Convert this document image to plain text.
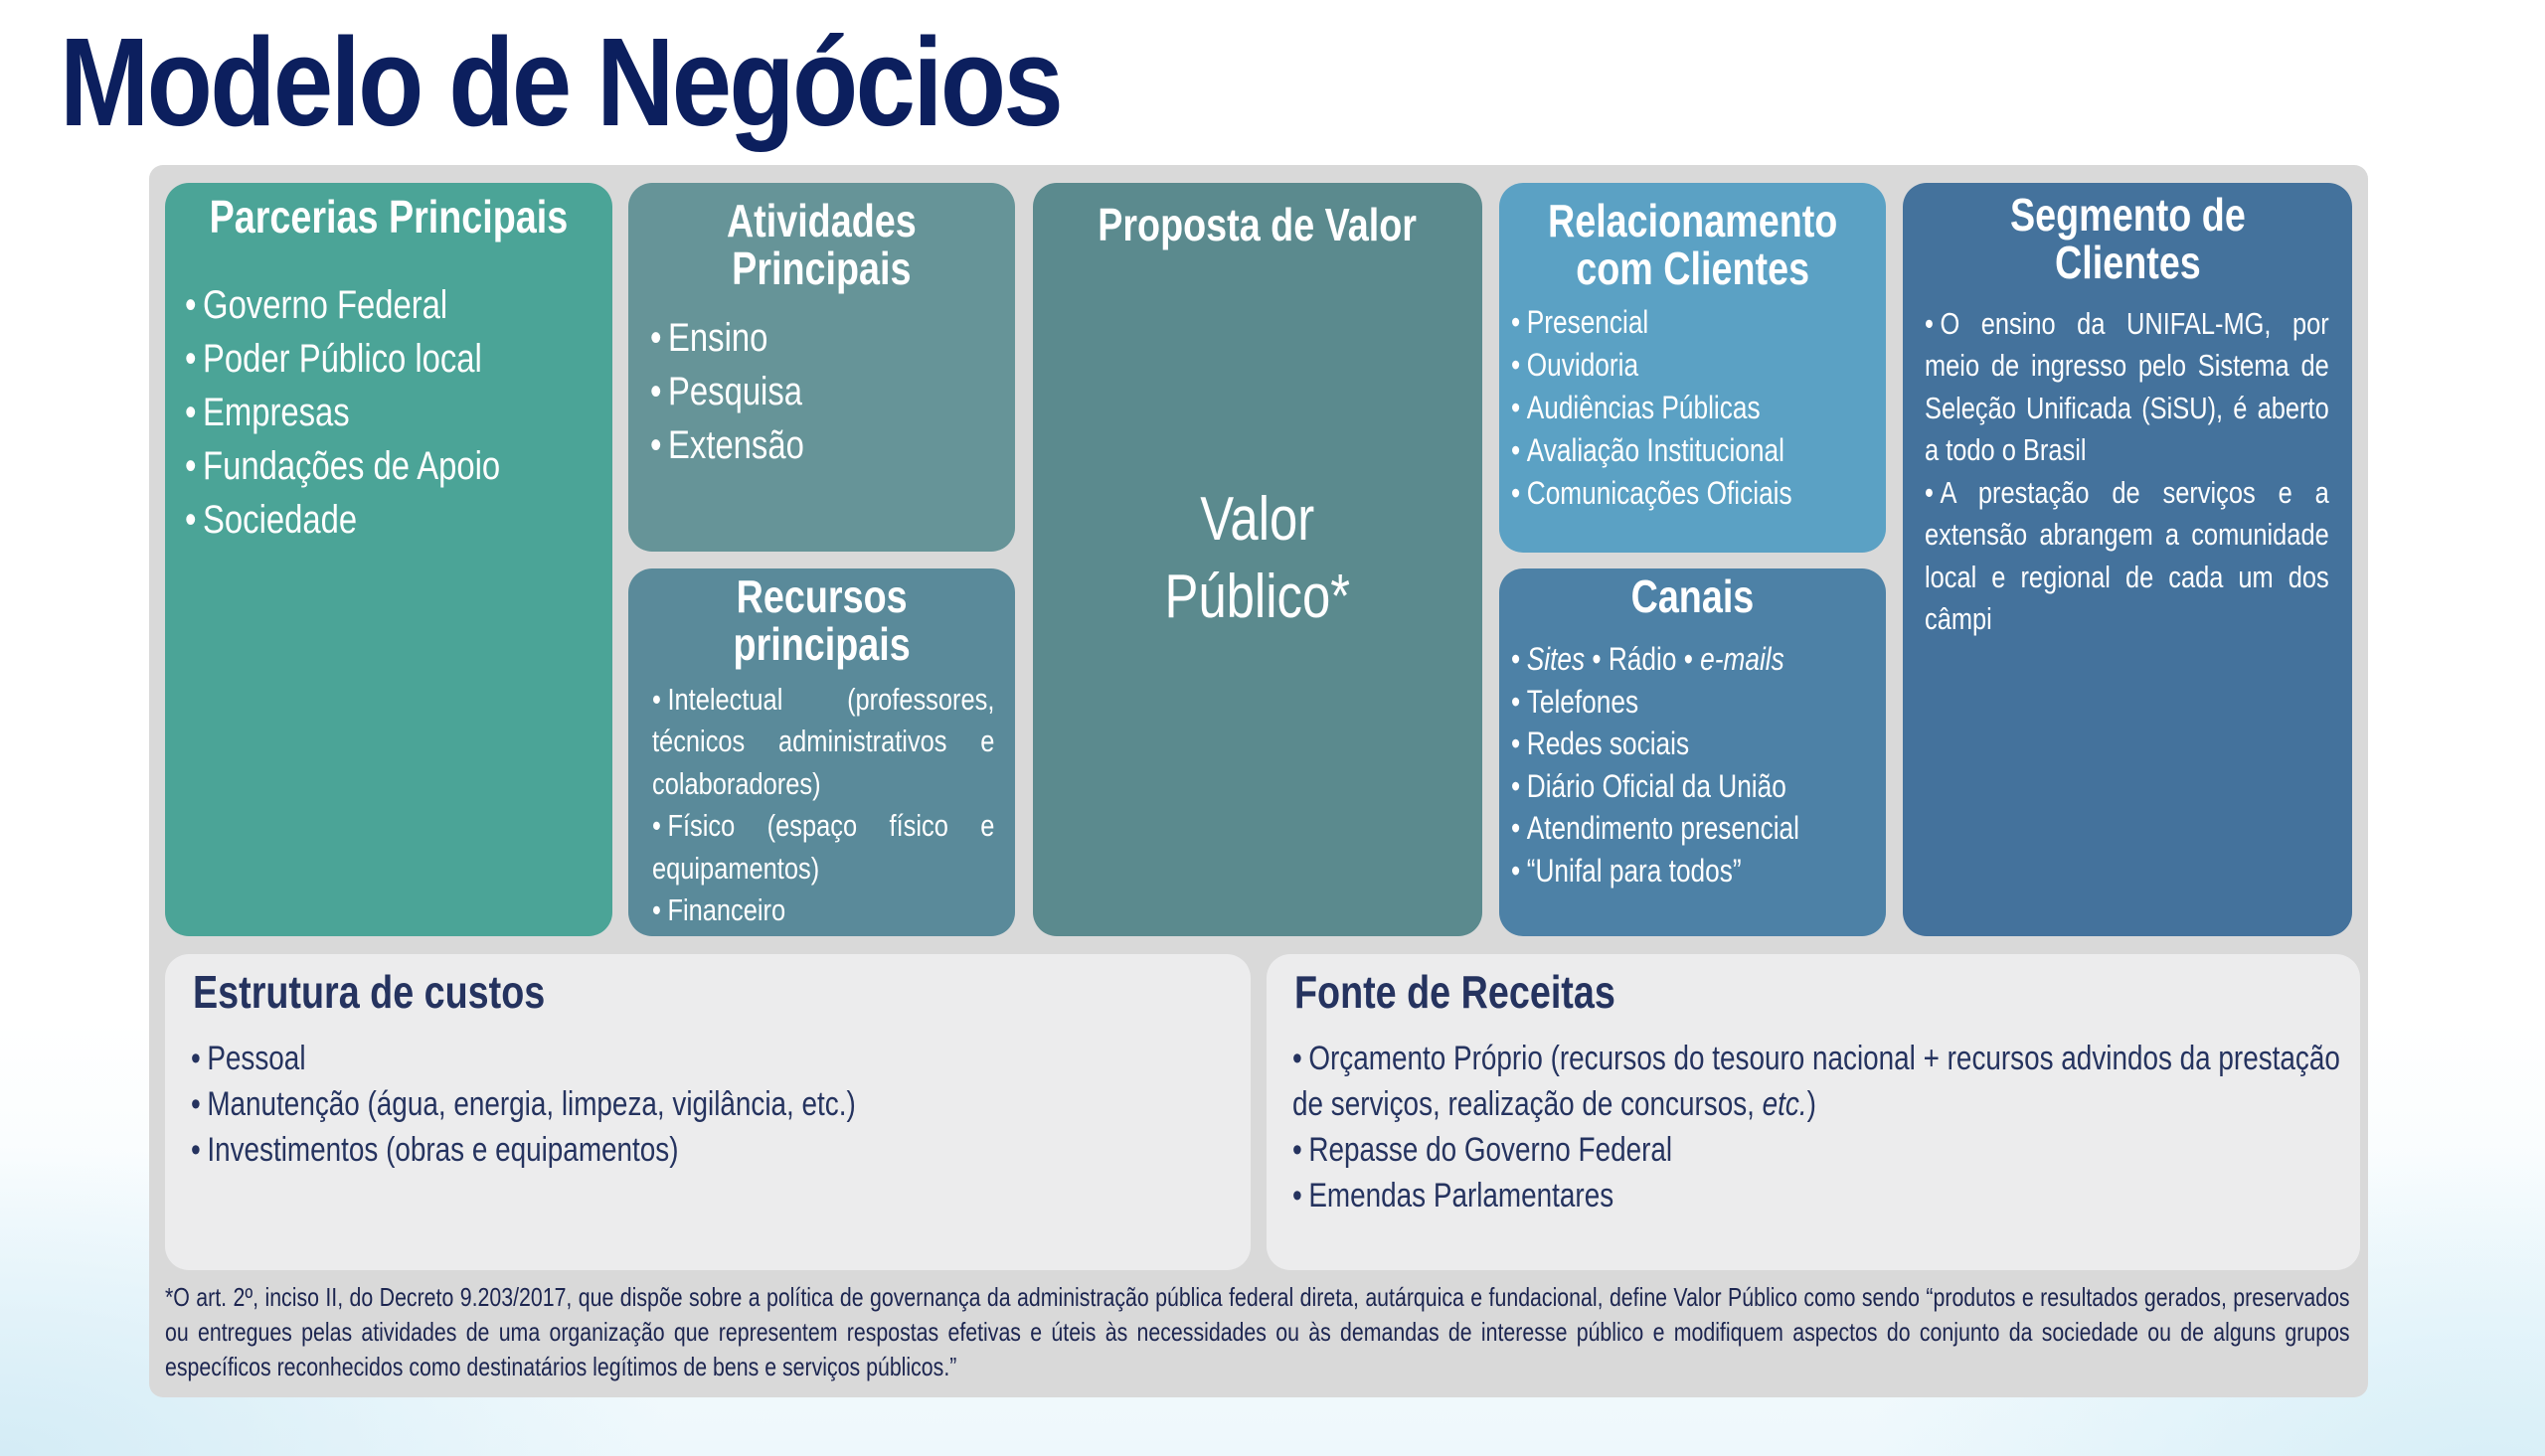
Modelo de Negócios
Parcerias Principais
• Governo Federal
• Poder Público local
• Empresas
• Fundações de Apoio
• Sociedade
Atividades
Principais
• Ensino
• Pesquisa
• Extensão
Recursos
principais
• Intelectual (professores, técnicos administrativos e colaboradores)
• Físico (espaço físico e equipamentos)
• Financeiro
Proposta de Valor
Valor
Público*
Relacionamento
com Clientes
• Presencial
• Ouvidoria
• Audiências Públicas
• Avaliação Institucional
• Comunicações Oficiais
Canais
• Sites • Rádio • e-mails
• Telefones
• Redes sociais
• Diário Oficial da União
• Atendimento presencial
• “Unifal para todos”
Segmento de
Clientes
• O ensino da UNIFAL-MG, por meio de ingresso pelo Sistema de Seleção Unificada (SiSU), é aberto a todo o Brasil
• A prestação de serviços e a extensão abrangem a comunidade local e regional de cada um dos câmpi
Estrutura de custos
• Pessoal
• Manutenção (água, energia, limpeza, vigilância, etc.)
• Investimentos (obras e equipamentos)
Fonte de Receitas
• Orçamento Próprio (recursos do tesouro nacional + recursos advindos da prestação de serviços, realização de concursos, etc.)
• Repasse do Governo Federal
• Emendas Parlamentares
*O art. 2º, inciso II, do Decreto 9.203/2017, que dispõe sobre a política de governança da administração pública federal direta, autárquica e fundacional, define Valor Público como sendo “produtos e resultados gerados, preservados ou entregues pelas atividades de uma organização que representem respostas efetivas e úteis às necessidades ou às demandas de interesse público e modifiquem aspectos do conjunto da sociedade ou de alguns grupos específicos reconhecidos como destinatários legítimos de bens e serviços públicos.”
